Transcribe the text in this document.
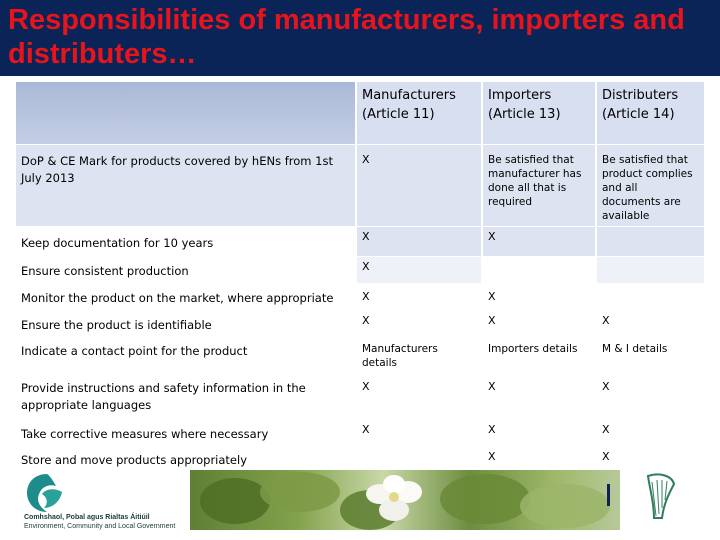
Responsibilities of manufacturers, importers and distributers…
	Manufacturers (Article 11)	Importers (Article 13)	Distributers (Article 14)
DoP & CE Mark for products covered by hENs from 1st July 2013	X	Be satisfied that manufacturer has done all that is required	Be satisfied that product complies and all documents are available
Keep documentation for 10 years	X	X	
Ensure consistent production	X		
Monitor the product on the market, where appropriate	X	X	
Ensure the product is identifiable	X	X	X
Indicate a contact point for the product	Manufacturers details	Importers details	M & I details
Provide instructions and safety information in the appropriate languages	X	X	X
Take corrective measures where necessary	X	X	X
Store and move products appropriately		X	X

Comhshaol, Pobal agus Rialtas Áitiúil
Environment, Community and Local Government
